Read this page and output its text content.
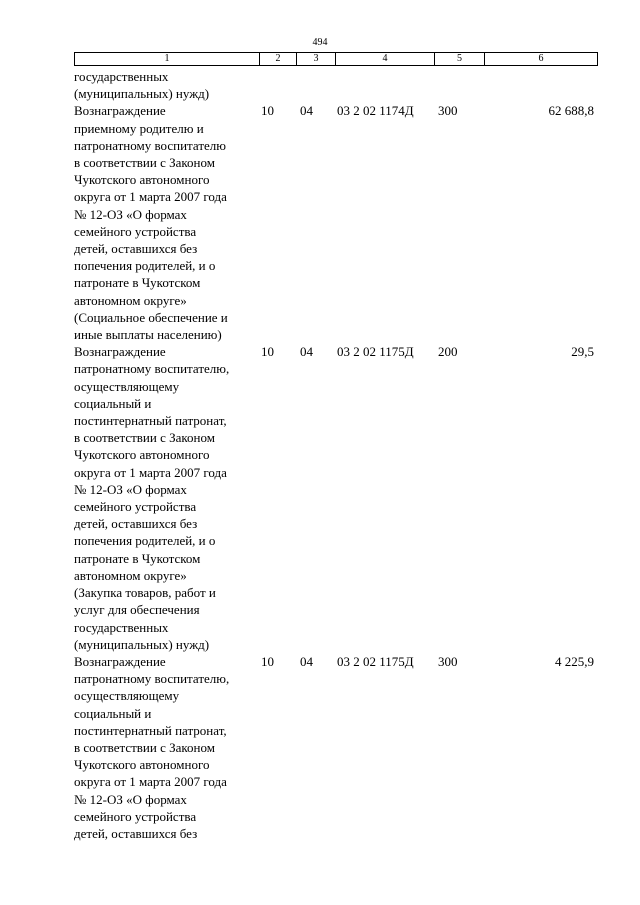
494
1	2	3	4	5	6
государственных
(муниципальных) нужд)
Вознаграждение
приемному родителю и
патронатному воспитателю
в соответствии с Законом
Чукотского автономного
округа от 1 марта 2007 года
№ 12-ОЗ «О формах
семейного устройства
детей, оставшихся без
попечения родителей, и о
патронате в Чукотском
автономном округе»
(Социальное обеспечение и
иные выплаты населению)
10	04	03 2 02 1174Д	300	62 688,8
Вознаграждение
патронатному воспитателю,
осуществляющему
социальный и
постинтернатный патронат,
в соответствии с Законом
Чукотского автономного
округа от 1 марта 2007 года
№ 12-ОЗ «О формах
семейного устройства
детей, оставшихся без
попечения родителей, и о
патронате в Чукотском
автономном округе»
(Закупка товаров, работ и
услуг для обеспечения
государственных
(муниципальных) нужд)
10	04	03 2 02 1175Д	200	29,5
Вознаграждение
патронатному воспитателю,
осуществляющему
социальный и
постинтернатный патронат,
в соответствии с Законом
Чукотского автономного
округа от 1 марта 2007 года
№ 12-ОЗ «О формах
семейного устройства
детей, оставшихся без
10	04	03 2 02 1175Д	300	4 225,9
